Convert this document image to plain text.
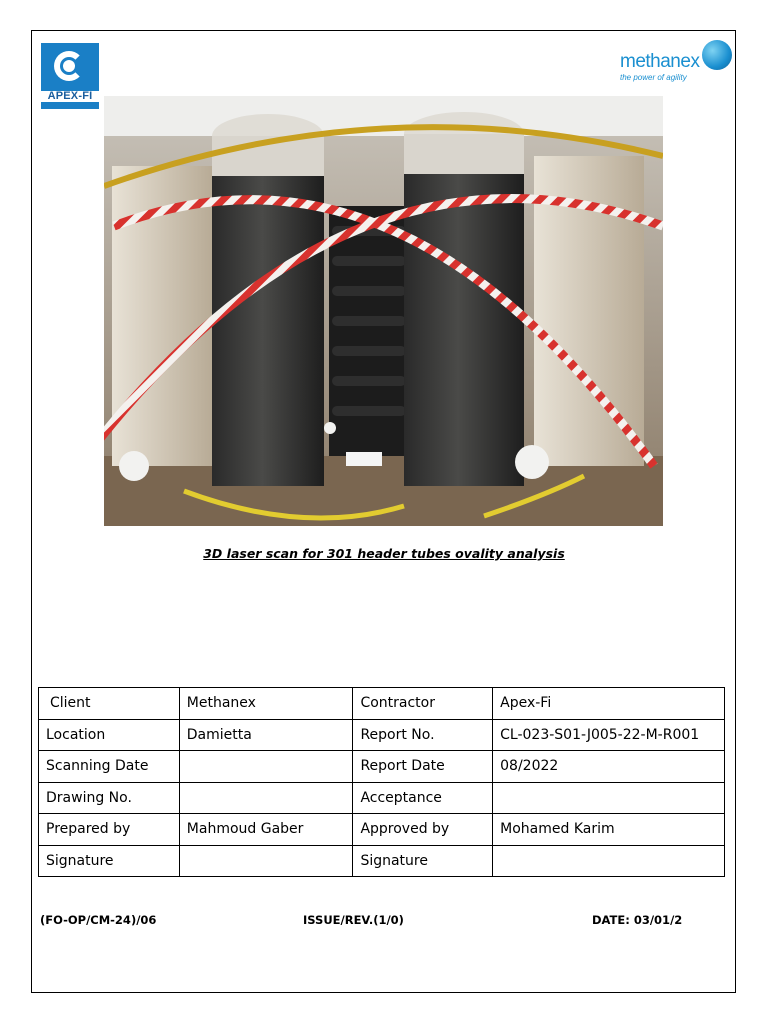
APEX-FI
methanex
the power of agility
3D laser scan for 301 header tubes ovality analysis
Client	Methanex	Contractor	Apex-Fi
Location	Damietta	Report No.	CL-023-S01-J005-22-M-R001
Scanning Date		Report Date	08/2022
Drawing No.		Acceptance	
Prepared by	Mahmoud Gaber	Approved by	Mohamed Karim
Signature		Signature	
(FO-OP/CM-24)/06	ISSUE/REV.(1/0)	DATE: 03/01/2
